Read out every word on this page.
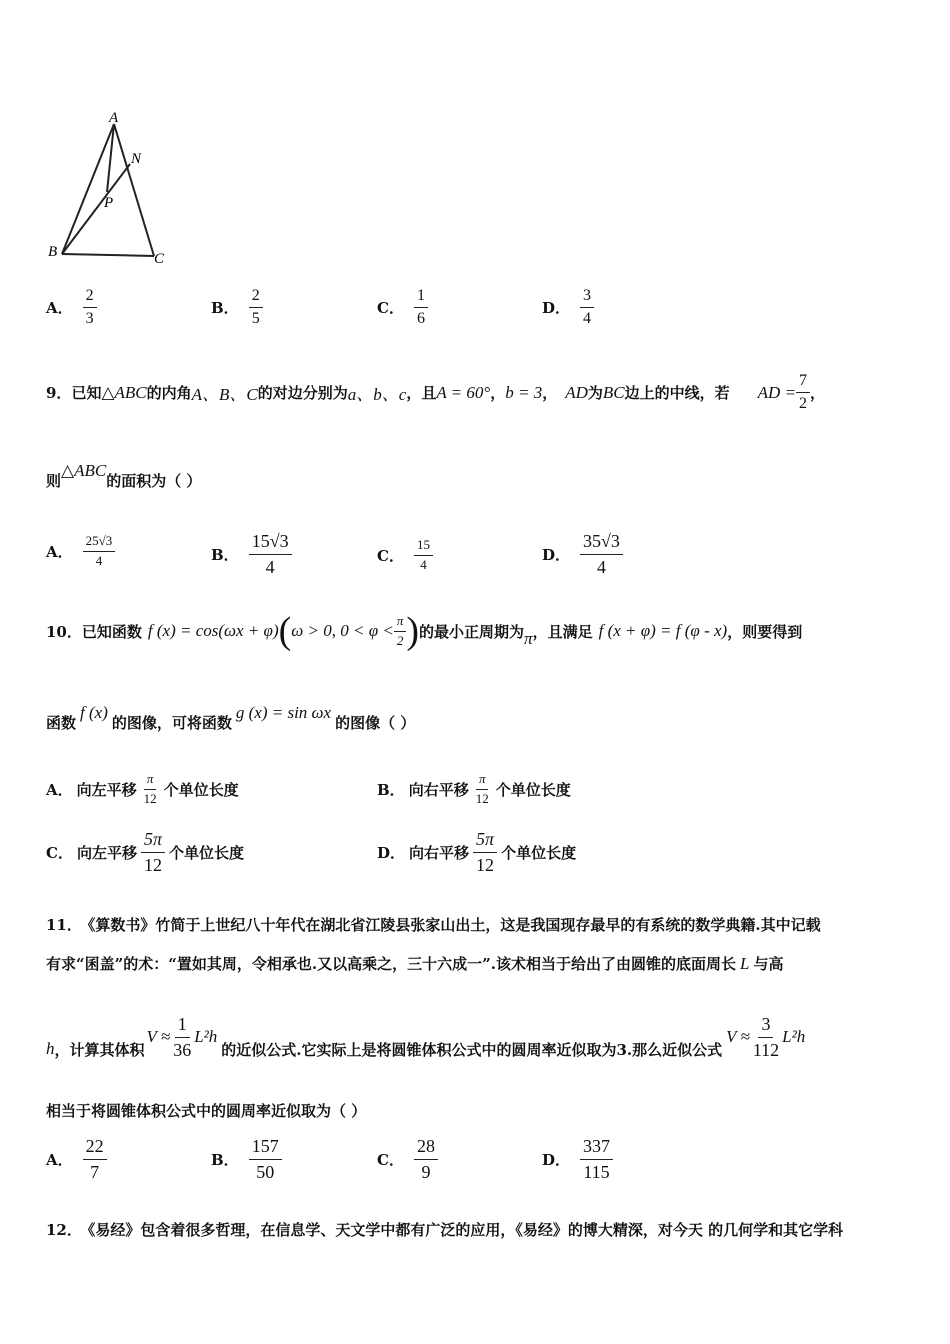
A
N
P
B	C
A． $\frac{2}{3}$	B． $\frac{2}{5}$	C． $\frac{1}{6}$	D． $\frac{3}{4}$
9． 已知 △ABC 的内角 A、B、C 的对边分别为 a、b、c ，且 A = 60° ， b = 3 ， AD 为 BC 边上的中线，若 AD = $\frac{7}{2}$ ，
则△ABC的面积为（ ）
A． $\frac{25√3}{4}$	B． $\frac{15√3}{4}$	C． $\frac{15}{4}$	D． $\frac{35√3}{4}$
10． 已知函数 f (x) = cos(ωx + φ) ( ω > 0, $0 < \varphi < \frac{\pi}{2}$ ) 的最小正周期为 π ，且满足 f (x + φ) = f (φ - x) ，则要得到
函数f (x)的图像，可将函数g (x) = sin ωx的图像（ ）
A． 向左平移 $\frac{\pi}{12}$ 个单位长度	B． 向右平移 $\frac{\pi}{12}$ 个单位长度
C． 向左平移 $\frac{5\pi}{12}$ 个单位长度	D． 向右平移 $\frac{5\pi}{12}$ 个单位长度
11． 《算数书》竹简于上世纪八十年代在湖北省江陵县张家山出土，这是我国现存最早的有系统的数学典籍.其中记载
有求“囷盖”的术：“置如其周，令相承也.又以高乘之，三十六成一”.该术相当于给出了由圆锥的底面周长 L 与高
h ，计算其体积
$V \approx \frac{1}{36} L^2h$
的近似公式.它实际上是将圆锥体积公式中的圆周率近似取为3.那么近似公式
$V \approx \frac{3}{112} L^2h$
相当于将圆锥体积公式中的圆周率近似取为（ ）
A． $\frac{22}{7}$	B． $\frac{157}{50}$	C． $\frac{28}{9}$	D． $\frac{337}{115}$
12． 《易经》包含着很多哲理，在信息学、天文学中都有广泛的应用，《易经》的博大精深，对今天 的几何学和其它学科
